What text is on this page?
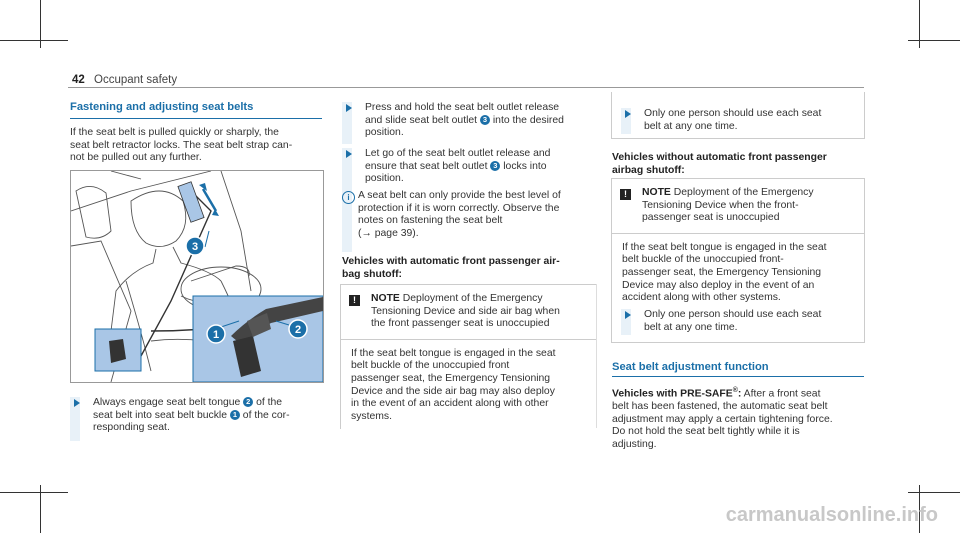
42 Occupant safety
Fastening and adjusting seat belts
If the seat belt is pulled quickly or sharply, the
seat belt retractor locks. The seat belt strap can-
not be pulled out any further.
1	2
3
Always engage seat belt tongue 2 of the
seat belt into seat belt buckle 1 of the cor-
responding seat.
Press and hold the seat belt outlet release
and slide seat belt outlet 3 into the desired
position.
Let go of the seat belt outlet release and
ensure that seat belt outlet 3 locks into
position.
i A seat belt can only provide the best level of
protection if it is worn correctly. Observe the
notes on fastening the seat belt
(→ page 39).
Vehicles with automatic front passenger air-
bag shutoff:
!	NOTE Deployment of the Emergency
Tensioning Device and side air bag when
the front passenger seat is unoccupied
If the seat belt tongue is engaged in the seat
belt buckle of the unoccupied front
passenger seat, the Emergency Tensioning
Device and the side air bag may also deploy
in the event of an accident along with other
systems.
Only one person should use each seat
belt at any one time.
Vehicles without automatic front passenger
airbag shutoff:
!	NOTE Deployment of the Emergency
Tensioning Device when the front-
passenger seat is unoccupied
If the seat belt tongue is engaged in the seat
belt buckle of the unoccupied front-
passenger seat, the Emergency Tensioning
Device may also deploy in the event of an
accident along with other systems.
Only one person should use each seat
belt at any one time.
Seat belt adjustment function
Vehicles with PRE-SAFE®: After a front seat
belt has been fastened, the automatic seat belt
adjustment may apply a certain tightening force.
Do not hold the seat belt tightly while it is
adjusting.
carmanualsonline.info
